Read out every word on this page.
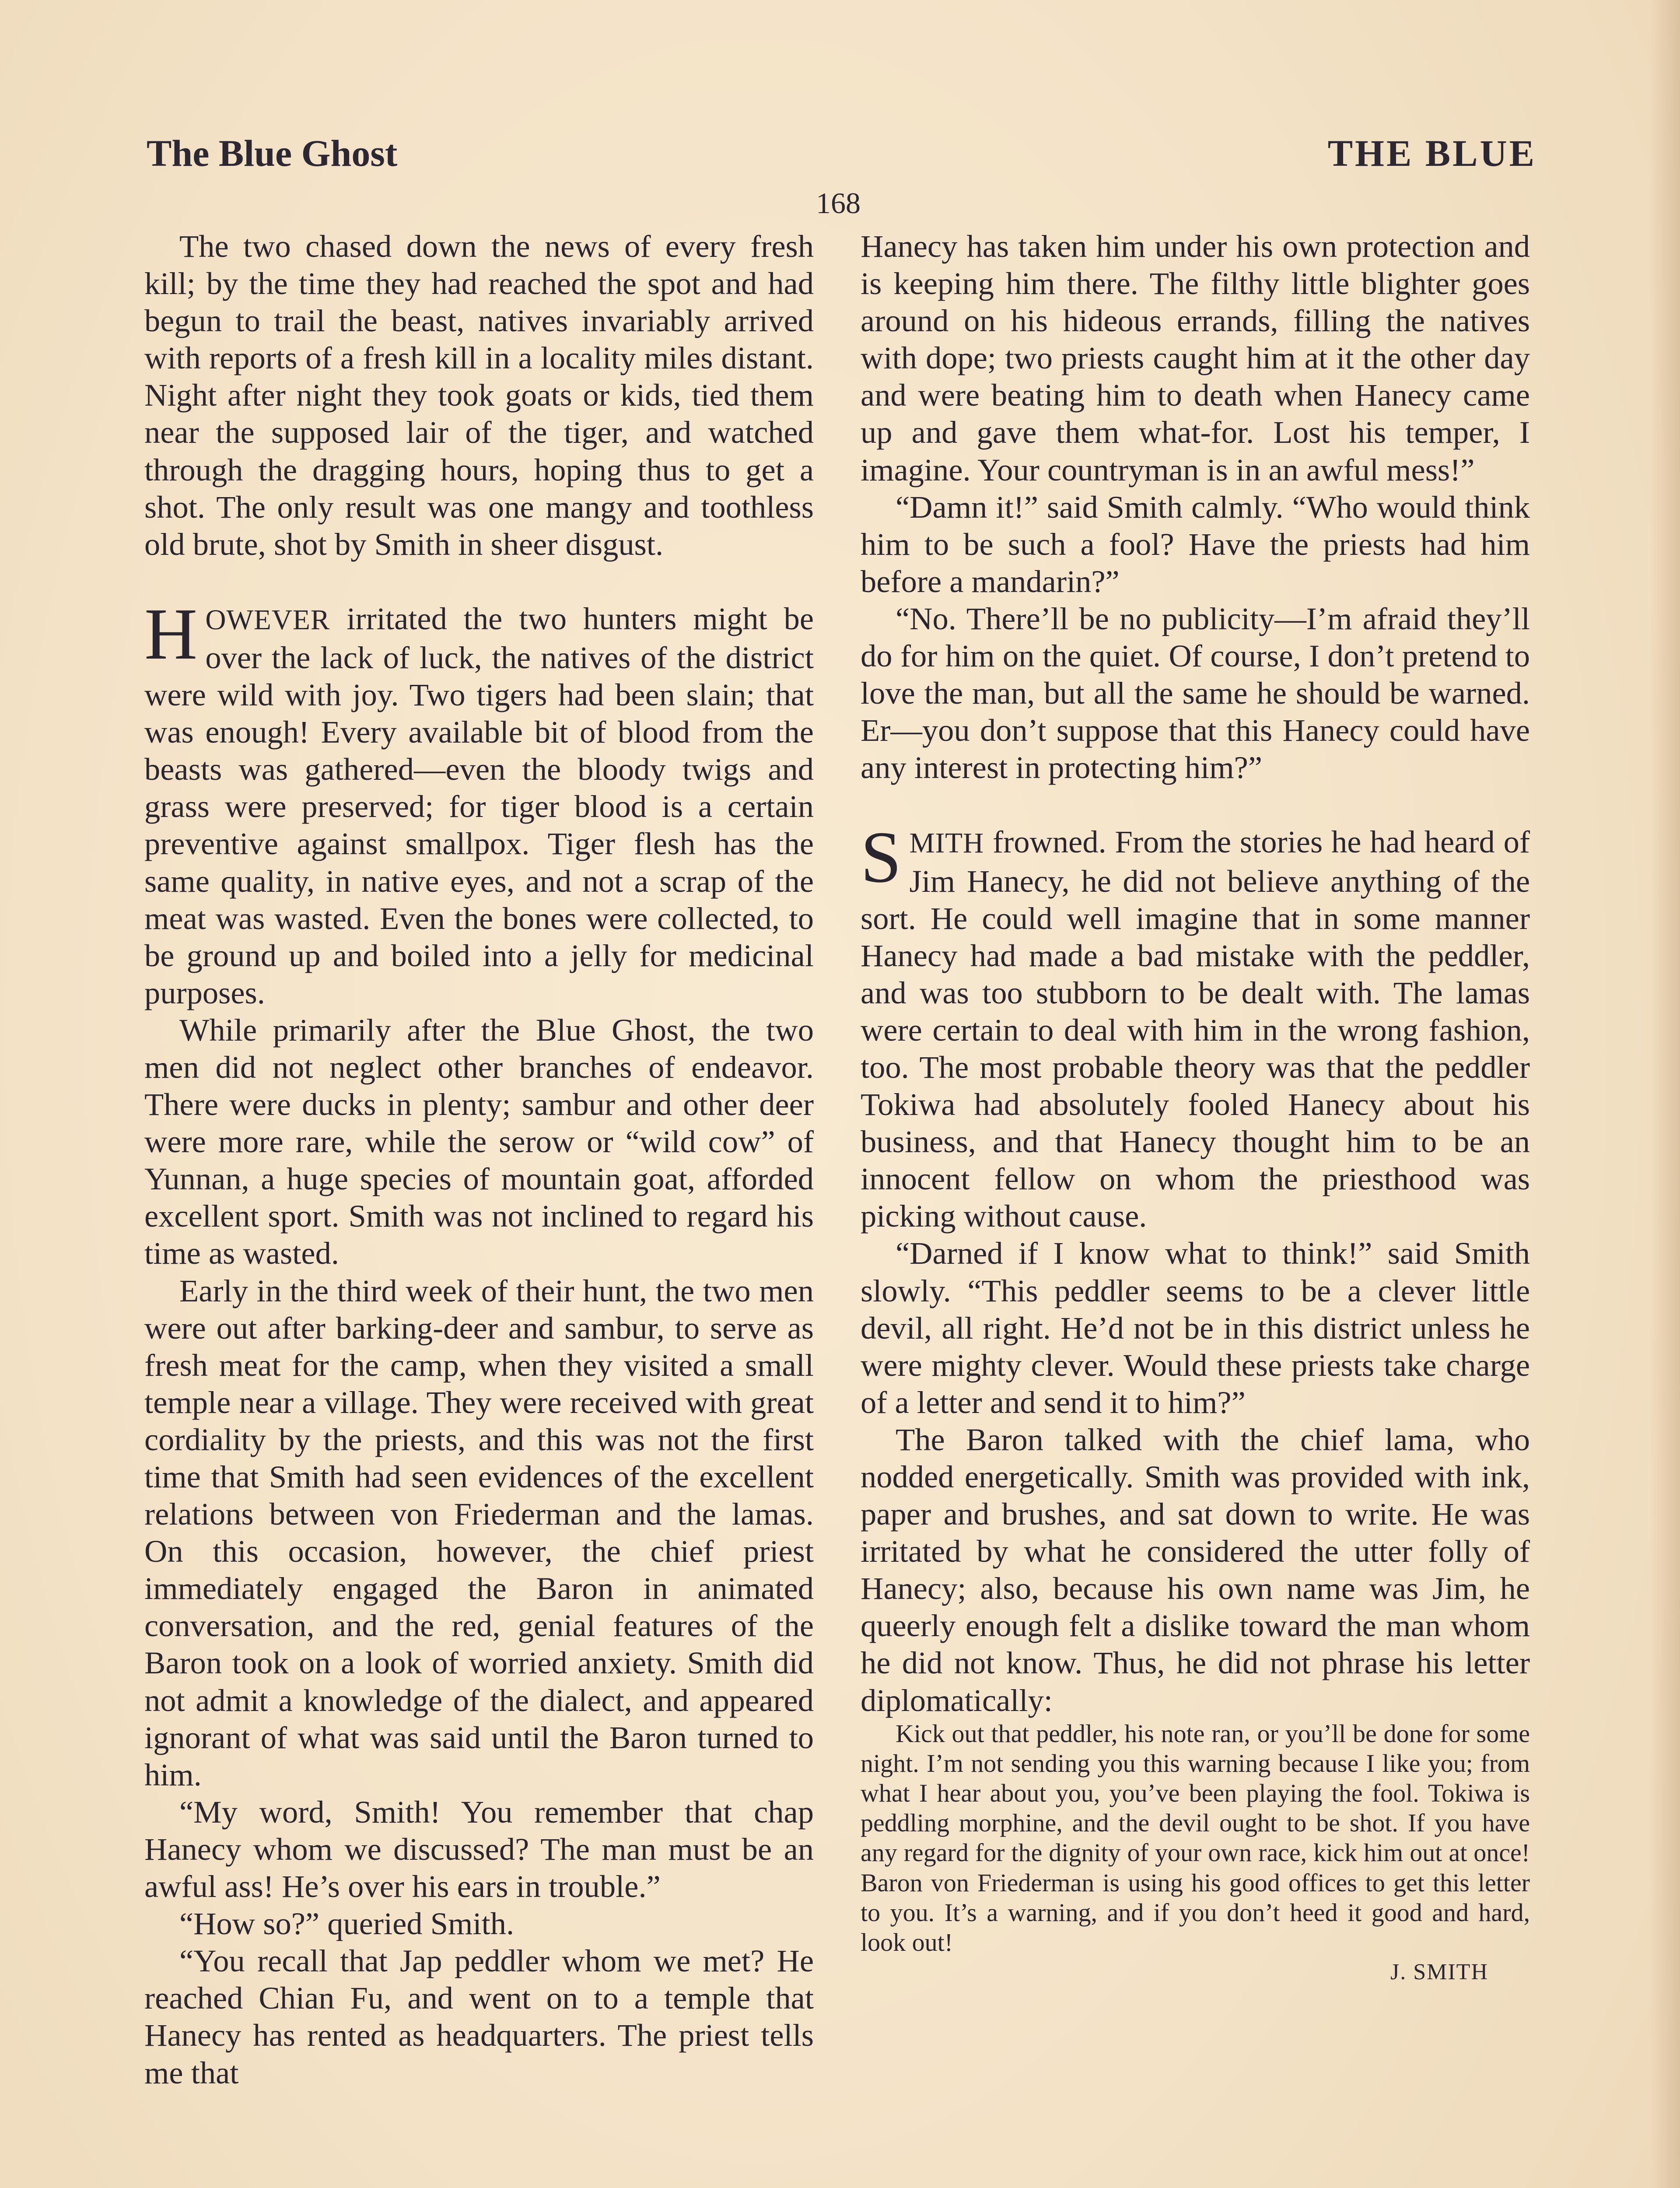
The Blue Ghost	THE BLUE
168

The two chased down the news of every fresh kill; by the time they had reached the spot and had begun to trail the beast, natives invariably arrived with reports of a fresh kill in a locality miles distant. Night after night they took goats or kids, tied them near the supposed lair of the tiger, and watched through the dragging hours, hoping thus to get a shot. The only result was one mangy and toothless old brute, shot by Smith in sheer disgust.

HOWEVER irritated the two hunters might be over the lack of luck, the natives of the district were wild with joy. Two tigers had been slain; that was enough! Every available bit of blood from the beasts was gathered—even the bloody twigs and grass were preserved; for tiger blood is a certain preventive against smallpox. Tiger flesh has the same quality, in native eyes, and not a scrap of the meat was wasted. Even the bones were collected, to be ground up and boiled into a jelly for medicinal purposes.

While primarily after the Blue Ghost, the two men did not neglect other branches of endeavor. There were ducks in plenty; sambur and other deer were more rare, while the serow or “wild cow” of Yunnan, a huge species of mountain goat, afforded excellent sport. Smith was not inclined to regard his time as wasted.

Early in the third week of their hunt, the two men were out after barking-deer and sambur, to serve as fresh meat for the camp, when they visited a small temple near a village. They were received with great cordiality by the priests, and this was not the first time that Smith had seen evidences of the excellent relations between von Friederman and the lamas. On this occasion, however, the chief priest immediately engaged the Baron in animated conversation, and the red, genial features of the Baron took on a look of worried anxiety. Smith did not admit a knowledge of the dialect, and appeared ignorant of what was said until the Baron turned to him.

“My word, Smith! You remember that chap Hanecy whom we discussed? The man must be an awful ass! He’s over his ears in trouble.”

“How so?” queried Smith.

“You recall that Jap peddler whom we met? He reached Chian Fu, and went on to a temple that Hanecy has rented as headquarters. The priest tells me that

Hanecy has taken him under his own protection and is keeping him there. The filthy little blighter goes around on his hideous errands, filling the natives with dope; two priests caught him at it the other day and were beating him to death when Hanecy came up and gave them what-for. Lost his temper, I imagine. Your countryman is in an awful mess!”

“Damn it!” said Smith calmly. “Who would think him to be such a fool? Have the priests had him before a mandarin?”

“No. There’ll be no publicity—I’m afraid they’ll do for him on the quiet. Of course, I don’t pretend to love the man, but all the same he should be warned. Er—you don’t suppose that this Hanecy could have any interest in protecting him?”

SMITH frowned. From the stories he had heard of Jim Hanecy, he did not believe anything of the sort. He could well imagine that in some manner Hanecy had made a bad mistake with the peddler, and was too stubborn to be dealt with. The lamas were certain to deal with him in the wrong fashion, too. The most probable theory was that the peddler Tokiwa had absolutely fooled Hanecy about his business, and that Hanecy thought him to be an innocent fellow on whom the priesthood was picking without cause.

“Darned if I know what to think!” said Smith slowly. “This peddler seems to be a clever little devil, all right. He’d not be in this district unless he were mighty clever. Would these priests take charge of a letter and send it to him?”

The Baron talked with the chief lama, who nodded energetically. Smith was provided with ink, paper and brushes, and sat down to write. He was irritated by what he considered the utter folly of Hanecy; also, because his own name was Jim, he queerly enough felt a dislike toward the man whom he did not know. Thus, he did not phrase his letter diplomatically:

Kick out that peddler, his note ran, or you’ll be done for some night. I’m not sending you this warning because I like you; from what I hear about you, you’ve been playing the fool. Tokiwa is peddling morphine, and the devil ought to be shot. If you have any regard for the dignity of your own race, kick him out at once! Baron von Friederman is using his good offices to get this letter to you. It’s a warning, and if you don’t heed it good and hard, look out!

J. SMITH
